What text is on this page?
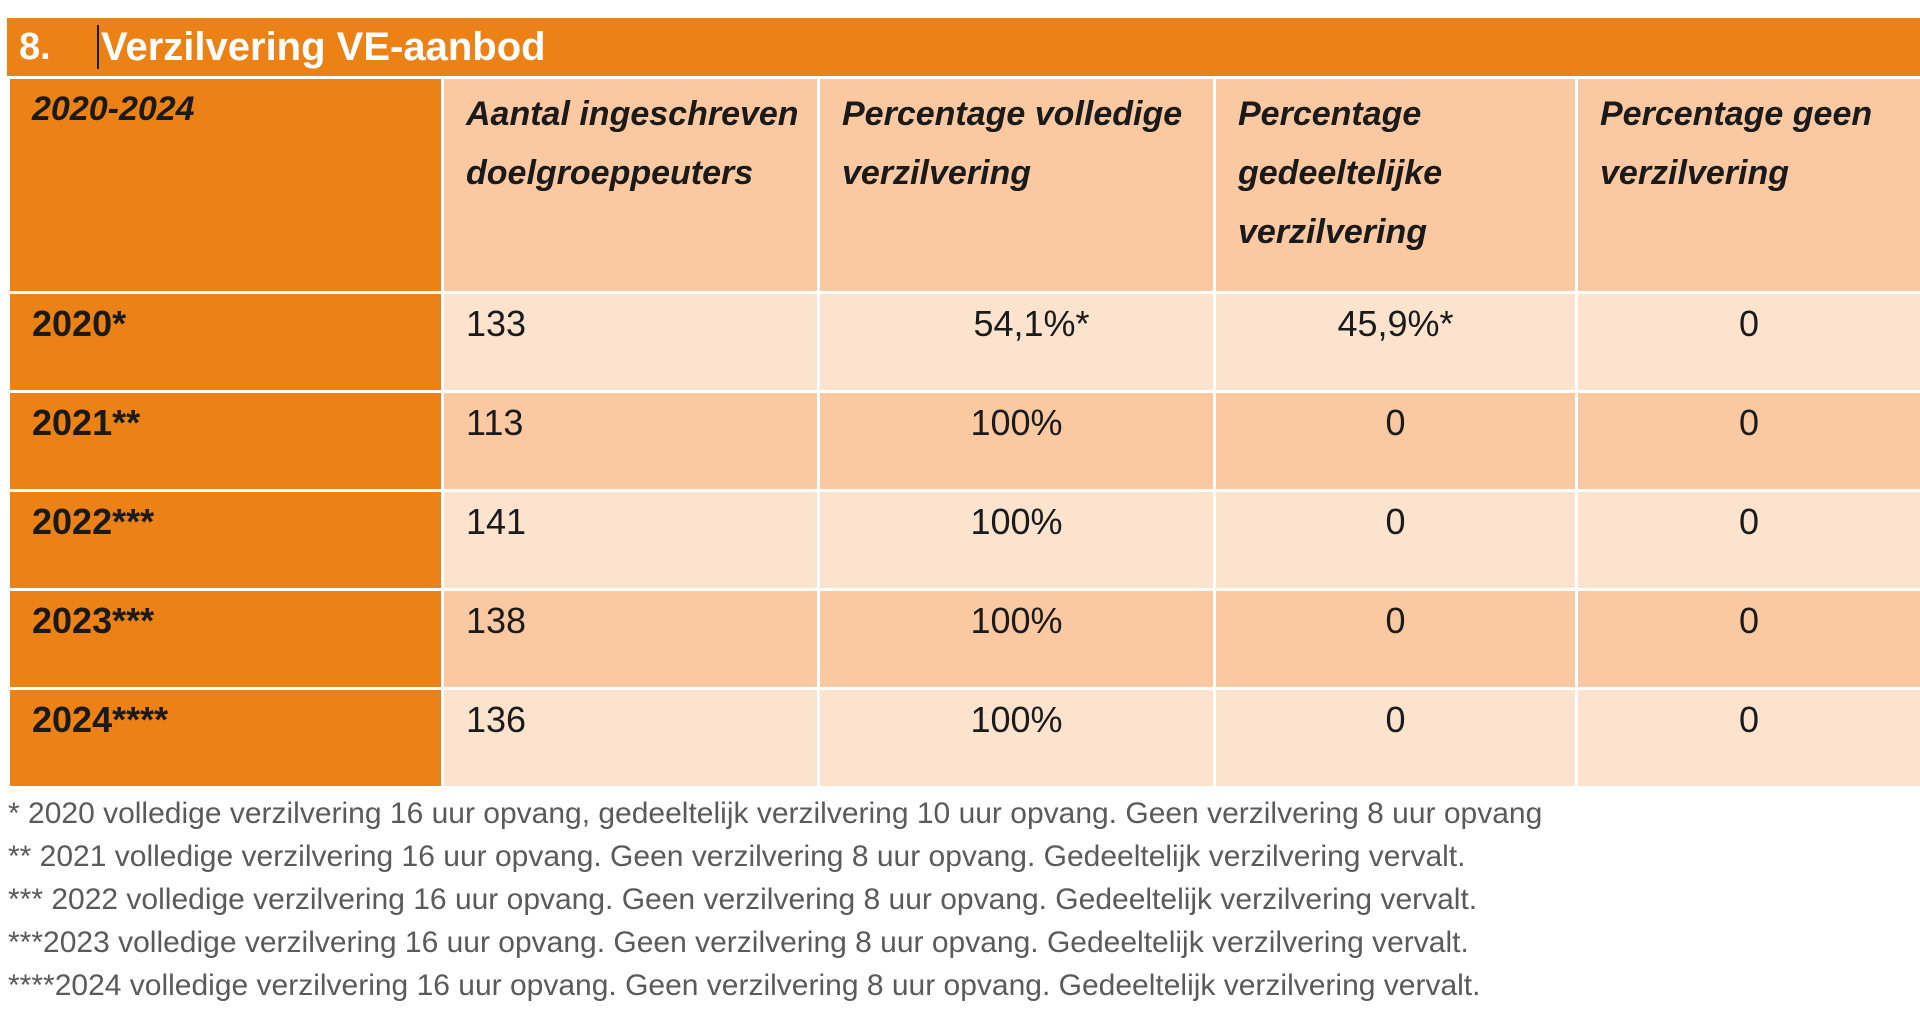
8.	Verzilvering VE-aanbod
2020-2024	Aantal ingeschreven doelgroeppeuters	Percentage volledige verzilvering	Percentage gedeeltelijke verzilvering	Percentage geen verzilvering

2020*	133	54,1%*	45,9%*	0

2021**	113	100%	0	0

2022***	141	100%	0	0

2023***	138	100%	0	0

2024****	136	100%	0	0
* 2020 volledige verzilvering 16 uur opvang, gedeeltelijk verzilvering 10 uur opvang. Geen verzilvering 8 uur opvang
** 2021 volledige verzilvering 16 uur opvang. Geen verzilvering 8 uur opvang. Gedeeltelijk verzilvering vervalt.
*** 2022 volledige verzilvering 16 uur opvang. Geen verzilvering 8 uur opvang. Gedeeltelijk verzilvering vervalt.
***2023 volledige verzilvering 16 uur opvang. Geen verzilvering 8 uur opvang. Gedeeltelijk verzilvering vervalt.
****2024 volledige verzilvering 16 uur opvang. Geen verzilvering 8 uur opvang. Gedeeltelijk verzilvering vervalt.
